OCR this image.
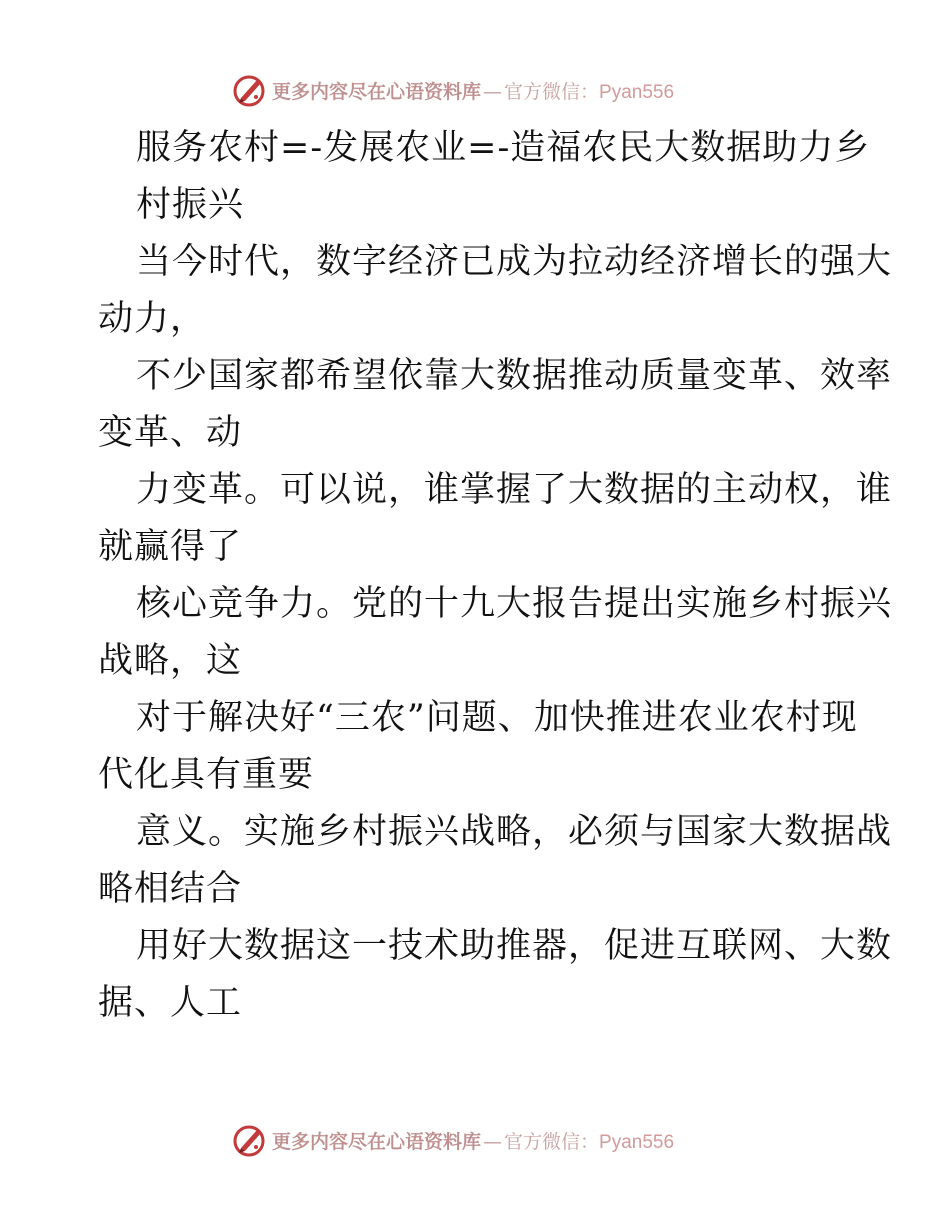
更多内容尽在心语资料库 — 官方微信：Pyan556
服务农村=-发展农业=-造福农民大数据助力乡
村振兴
当今时代，数字经济已成为拉动经济增长的强大
动力，
不少国家都希望依靠大数据推动质量变革、效率
变革、动
力变革。可以说，谁掌握了大数据的主动权，谁
就赢得了
核心竞争力。党的十九大报告提出实施乡村振兴
战略，这
对于解决好“三农”问题、加快推进农业农村现
代化具有重要
意义。实施乡村振兴战略，必须与国家大数据战
略相结合
用好大数据这一技术助推器，促进互联网、大数
据、人工
更多内容尽在心语资料库 — 官方微信：Pyan556
